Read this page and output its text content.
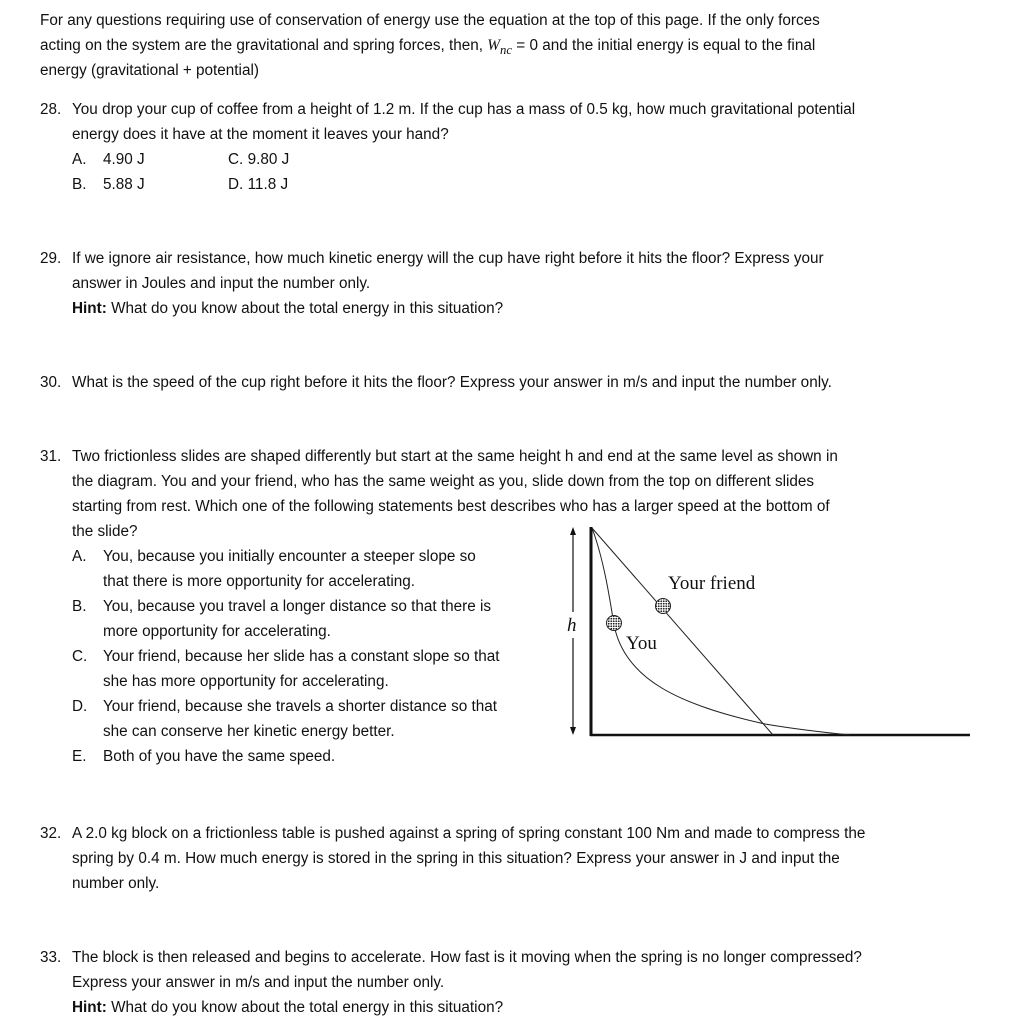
For any questions requiring use of conservation of energy use the equation at the top of this page. If the only forces
acting on the system are the gravitational and spring forces, then, $W_{nc} = 0$ and the initial energy is equal to the final
energy (gravitational + potential)
28. You drop your cup of coffee from a height of 1.2 m. If the cup has a mass of 0.5 kg, how much gravitational potential
energy does it have at the moment it leaves your hand?
A. 4.90 J
B. 5.88 J
C. 9.80 J
D. 11.8 J
29. If we ignore air resistance, how much kinetic energy will the cup have right before it hits the floor? Express your
answer in Joules and input the number only.
Hint: What do you know about the total energy in this situation?
30. What is the speed of the cup right before it hits the floor? Express your answer in m/s and input the number only.
31. Two frictionless slides are shaped differently but start at the same height h and end at the same level as shown in
the diagram. You and your friend, who has the same weight as you, slide down from the top on different slides
starting from rest. Which one of the following statements best describes who has a larger speed at the bottom of
the slide?
A. You, because you initially encounter a steeper slope so
that there is more opportunity for accelerating.
B. You, because you travel a longer distance so that there is
more opportunity for accelerating.
C. Your friend, because her slide has a constant slope so that
she has more opportunity for accelerating.
D. Your friend, because she travels a shorter distance so that
she can conserve her kinetic energy better.
E. Both of you have the same speed.
h
Your friend
You
32. A 2.0 kg block on a frictionless table is pushed against a spring of spring constant 100 Nm and made to compress the
spring by 0.4 m. How much energy is stored in the spring in this situation? Express your answer in J and input the
number only.
33. The block is then released and begins to accelerate. How fast is it moving when the spring is no longer compressed?
Express your answer in m/s and input the number only.
Hint: What do you know about the total energy in this situation?
